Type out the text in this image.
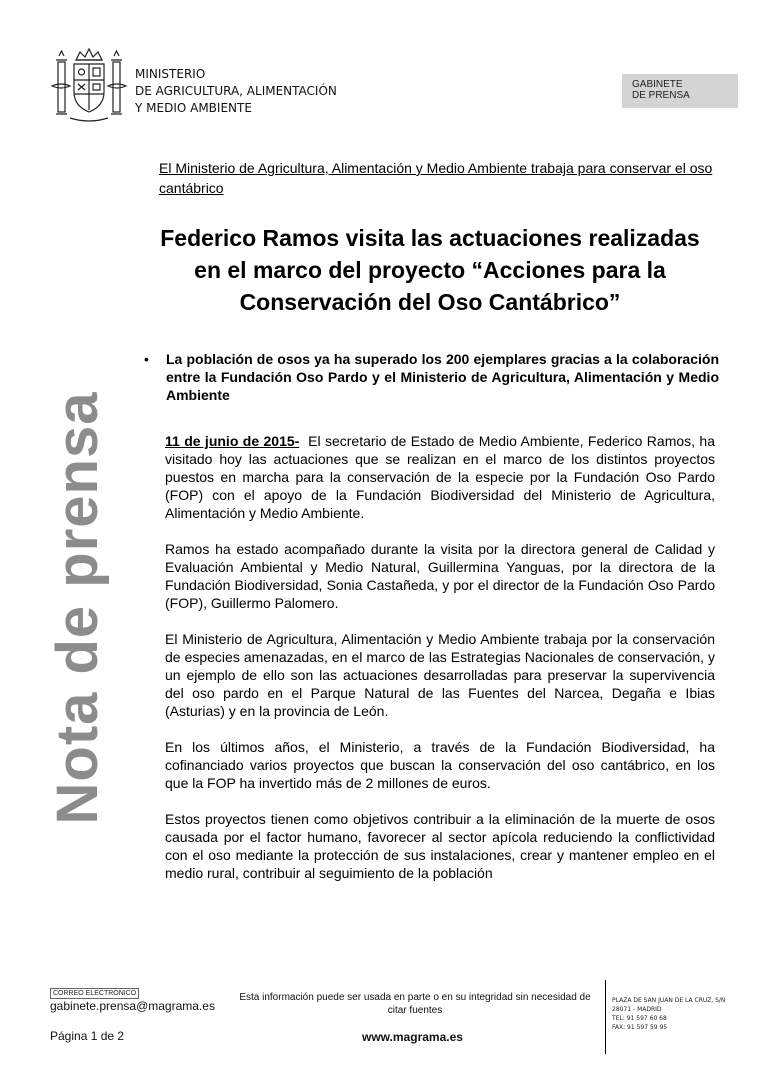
MINISTERIO
DE AGRICULTURA, ALIMENTACIÓN
Y MEDIO AMBIENTE
GABINETE
DE PRENSA
Nota de prensa
El Ministerio de Agricultura, Alimentación y Medio Ambiente trabaja para conservar el oso cantábrico
Federico Ramos visita las actuaciones realizadas en el marco del proyecto “Acciones para la Conservación del Oso Cantábrico”
•	La población de osos ya ha superado los 200 ejemplares gracias a la colaboración entre la Fundación Oso Pardo y el Ministerio de Agricultura, Alimentación y Medio Ambiente

11 de junio de 2015- El secretario de Estado de Medio Ambiente, Federico Ramos, ha visitado hoy las actuaciones que se realizan en el marco de los distintos proyectos puestos en marcha para la conservación de la especie por la Fundación Oso Pardo (FOP) con el apoyo de la Fundación Biodiversidad del Ministerio de Agricultura, Alimentación y Medio Ambiente.

Ramos ha estado acompañado durante la visita por la directora general de Calidad y Evaluación Ambiental y Medio Natural, Guillermina Yanguas, por la directora de la Fundación Biodiversidad, Sonia Castañeda, y por el director de la Fundación Oso Pardo (FOP), Guillermo Palomero.

El Ministerio de Agricultura, Alimentación y Medio Ambiente trabaja por la conservación de especies amenazadas, en el marco de las Estrategias Nacionales de conservación, y un ejemplo de ello son las actuaciones desarrolladas para preservar la supervivencia del oso pardo en el Parque Natural de las Fuentes del Narcea, Degaña e Ibias (Asturias) y en la provincia de León.

En los últimos años, el Ministerio, a través de la Fundación Biodiversidad, ha cofinanciado varios proyectos que buscan la conservación del oso cantábrico, en los que la FOP ha invertido más de 2 millones de euros.

Estos proyectos tienen como objetivos contribuir a la eliminación de la muerte de osos causada por el factor humano, favorecer al sector apícola reduciendo la conflictividad con el oso mediante la protección de sus instalaciones, crear y mantener empleo en el medio rural, contribuir al seguimiento de la población

CORREO ELECTRÓNICO
gabinete.prensa@magrama.es
Esta información puede ser usada en parte o en su integridad sin necesidad de citar fuentes
Página 1 de 2	www.magrama.es
PLAZA DE SAN JUAN DE LA CRUZ, S/N
28071 - MADRID
TEL: 91 597 60 68
FAX: 91 597 59 95
